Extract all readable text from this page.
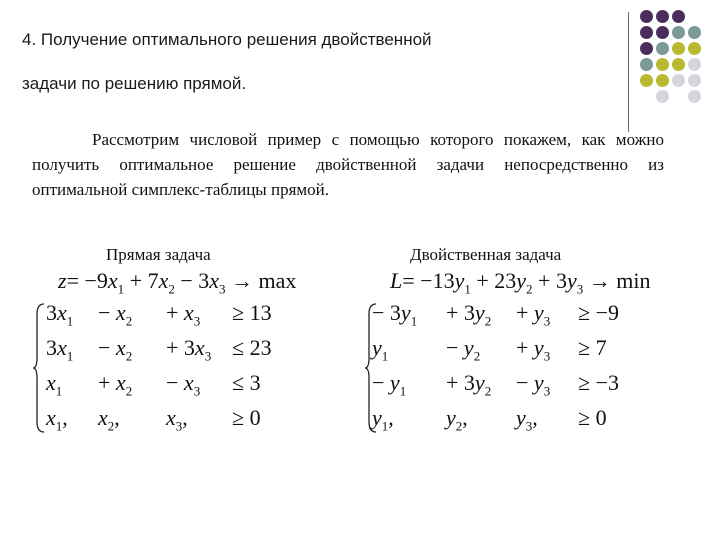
4. Получение оптимального решения двойственной
задачи по решению прямой.
Рассмотрим числовой пример с помощью которого покажем, как можно
получить оптимальное решение двойственной задачи непосредственно из
оптимальной симплекс-таблицы прямой.
Прямая задача
$z= -9x_1 + 7x_2 - 3x_3 \to \max$
$3x_1 - x_2 + x_3 \ge 13$
$3x_1 - x_2 + 3x_3 \le 23$
$x_1 + x_2 - x_3 \le 3$
$x_1$, $x_2$, $x_3$, ≥ 0
Двойственная задача
$L= -13y_1 + 23y_2 + 3y_3 \to \min$
− $3y_1 + 3y_2 + y_3 \ge -9$
$y_1$	− $y_2 + y_3 \ge 7$
− $y_1 + 3y_2 - y_3 \ge -3$
$y_1$, $y_2$, $y_3$, ≥ 0
